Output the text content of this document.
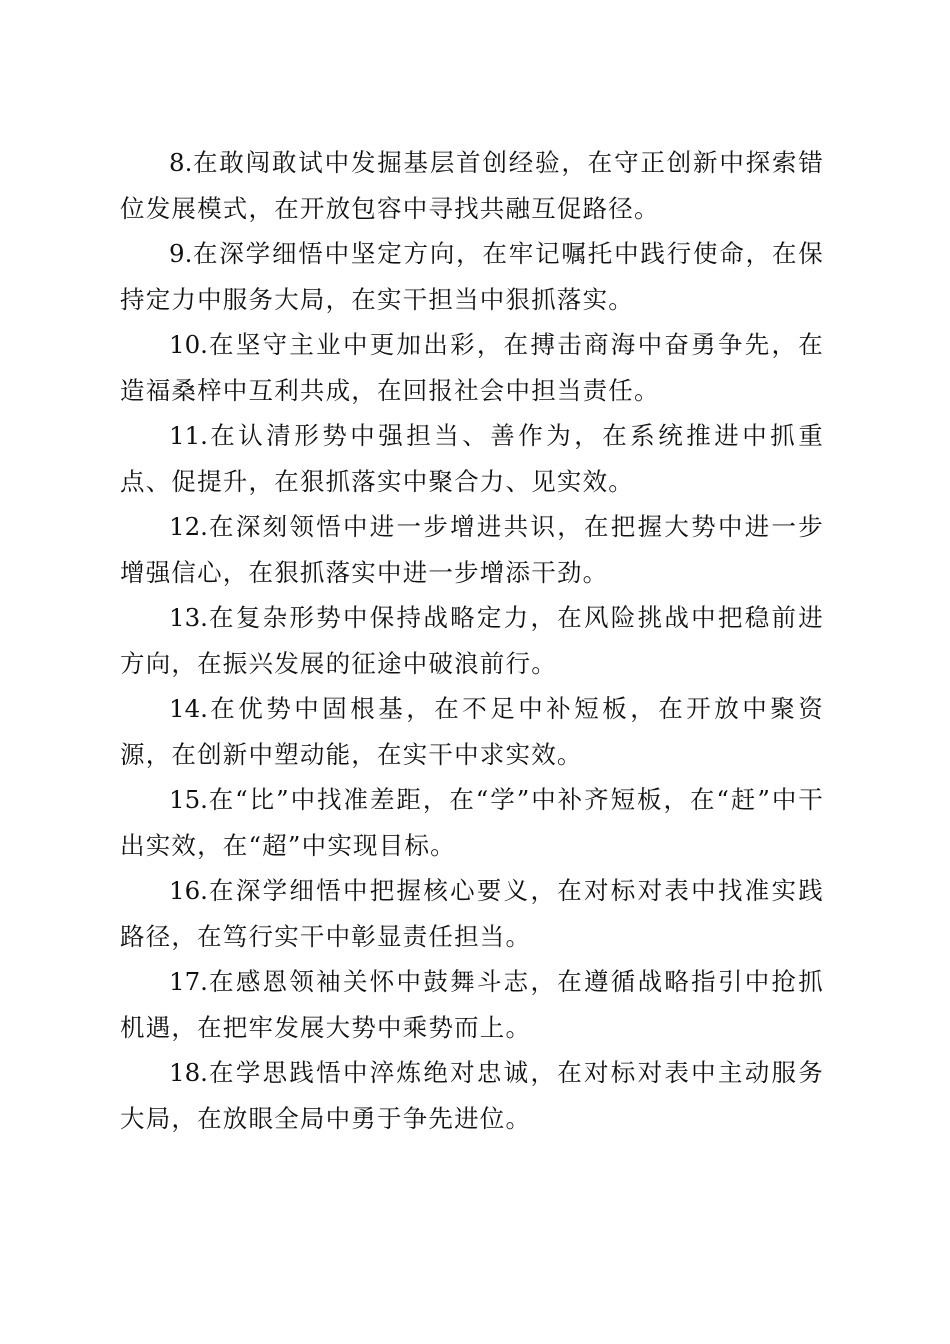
8.在敢闯敢试中发掘基层首创经验，在守正创新中探索错位发展模式，在开放包容中寻找共融互促路径。

9.在深学细悟中坚定方向，在牢记嘱托中践行使命，在保持定力中服务大局，在实干担当中狠抓落实。

10.在坚守主业中更加出彩，在搏击商海中奋勇争先，在造福桑梓中互利共成，在回报社会中担当责任。

11.在认清形势中强担当、善作为，在系统推进中抓重点、促提升，在狠抓落实中聚合力、见实效。

12.在深刻领悟中进一步增进共识，在把握大势中进一步增强信心，在狠抓落实中进一步增添干劲。

13.在复杂形势中保持战略定力，在风险挑战中把稳前进方向，在振兴发展的征途中破浪前行。

14.在优势中固根基，在不足中补短板，在开放中聚资源，在创新中塑动能，在实干中求实效。

15.在“比”中找准差距，在“学”中补齐短板，在“赶”中干出实效，在“超”中实现目标。

16.在深学细悟中把握核心要义，在对标对表中找准实践路径，在笃行实干中彰显责任担当。

17.在感恩领袖关怀中鼓舞斗志，在遵循战略指引中抢抓机遇，在把牢发展大势中乘势而上。

18.在学思践悟中淬炼绝对忠诚，在对标对表中主动服务大局，在放眼全局中勇于争先进位。
